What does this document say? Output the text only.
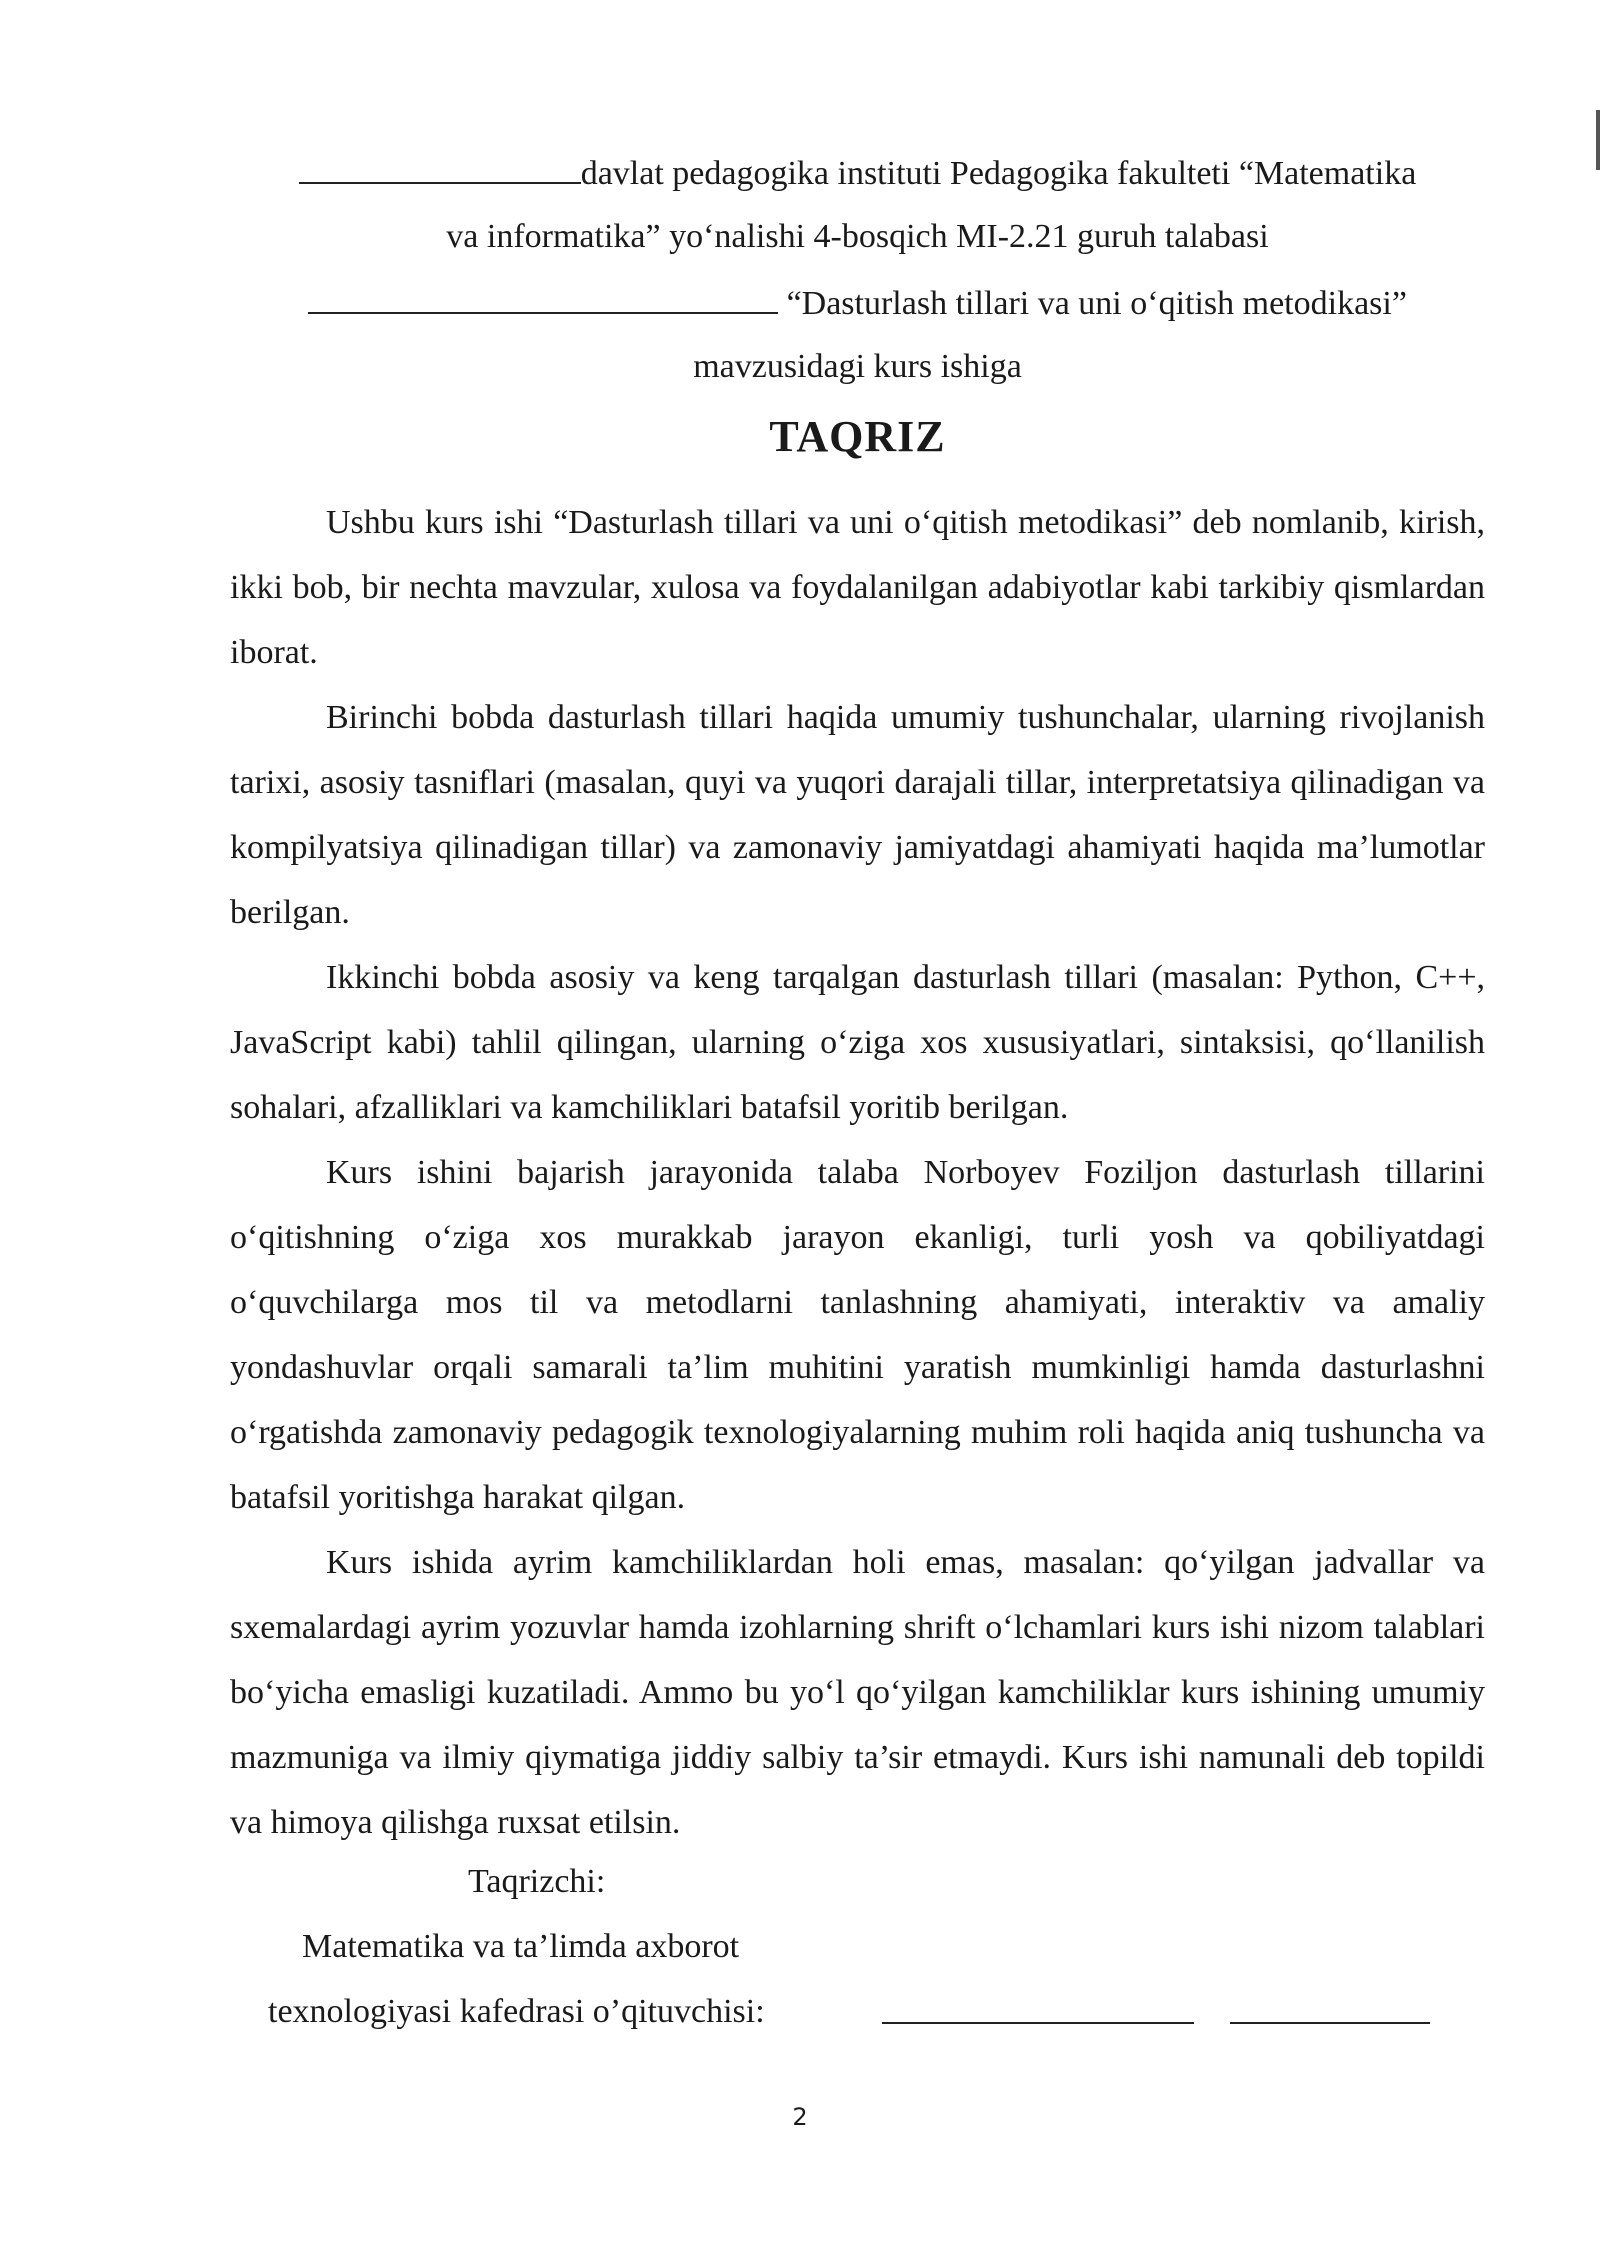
davlat pedagogika instituti Pedagogika fakulteti “Matematika
va informatika” yo‘nalishi 4-bosqich MI-2.21 guruh talabasi
“Dasturlash tillari va uni o‘qitish metodikasi”
mavzusidagi kurs ishiga
TAQRIZ

Ushbu kurs ishi “Dasturlash tillari va uni o‘qitish metodikasi” deb nomlanib, kirish, ikki bob, bir nechta mavzular, xulosa va foydalanilgan adabiyotlar kabi tarkibiy qismlardan iborat.

Birinchi bobda dasturlash tillari haqida umumiy tushunchalar, ularning rivojlanish tarixi, asosiy tasniflari (masalan, quyi va yuqori darajali tillar, interpretatsiya qilinadigan va kompilyatsiya qilinadigan tillar) va zamonaviy jamiyatdagi ahamiyati haqida ma’lumotlar berilgan.

Ikkinchi bobda asosiy va keng tarqalgan dasturlash tillari (masalan: Python, C++, JavaScript kabi) tahlil qilingan, ularning o‘ziga xos xususiyatlari, sintaksisi, qo‘llanilish sohalari, afzalliklari va kamchiliklari batafsil yoritib berilgan.

Kurs ishini bajarish jarayonida talaba Norboyev Foziljon dasturlash tillarini o‘qitishning o‘ziga xos murakkab jarayon ekanligi, turli yosh va qobiliyatdagi o‘quvchilarga mos til va metodlarni tanlashning ahamiyati, interaktiv va amaliy yondashuvlar orqali samarali ta’lim muhitini yaratish mumkinligi hamda dasturlashni o‘rgatishda zamonaviy pedagogik texnologiyalarning muhim roli haqida aniq tushuncha va batafsil yoritishga harakat qilgan.

Kurs ishida ayrim kamchiliklardan holi emas, masalan: qo‘yilgan jadvallar va sxemalardagi ayrim yozuvlar hamda izohlarning shrift o‘lchamlari kurs ishi nizom talablari bo‘yicha emasligi kuzatiladi. Ammo bu yo‘l qo‘yilgan kamchiliklar kurs ishining umumiy mazmuniga va ilmiy qiymatiga jiddiy salbiy ta’sir etmaydi. Kurs ishi namunali deb topildi va himoya qilishga ruxsat etilsin.

Taqrizchi:
Matematika va ta’limda axborot
texnologiyasi kafedrasi o’qituvchisi:
2
